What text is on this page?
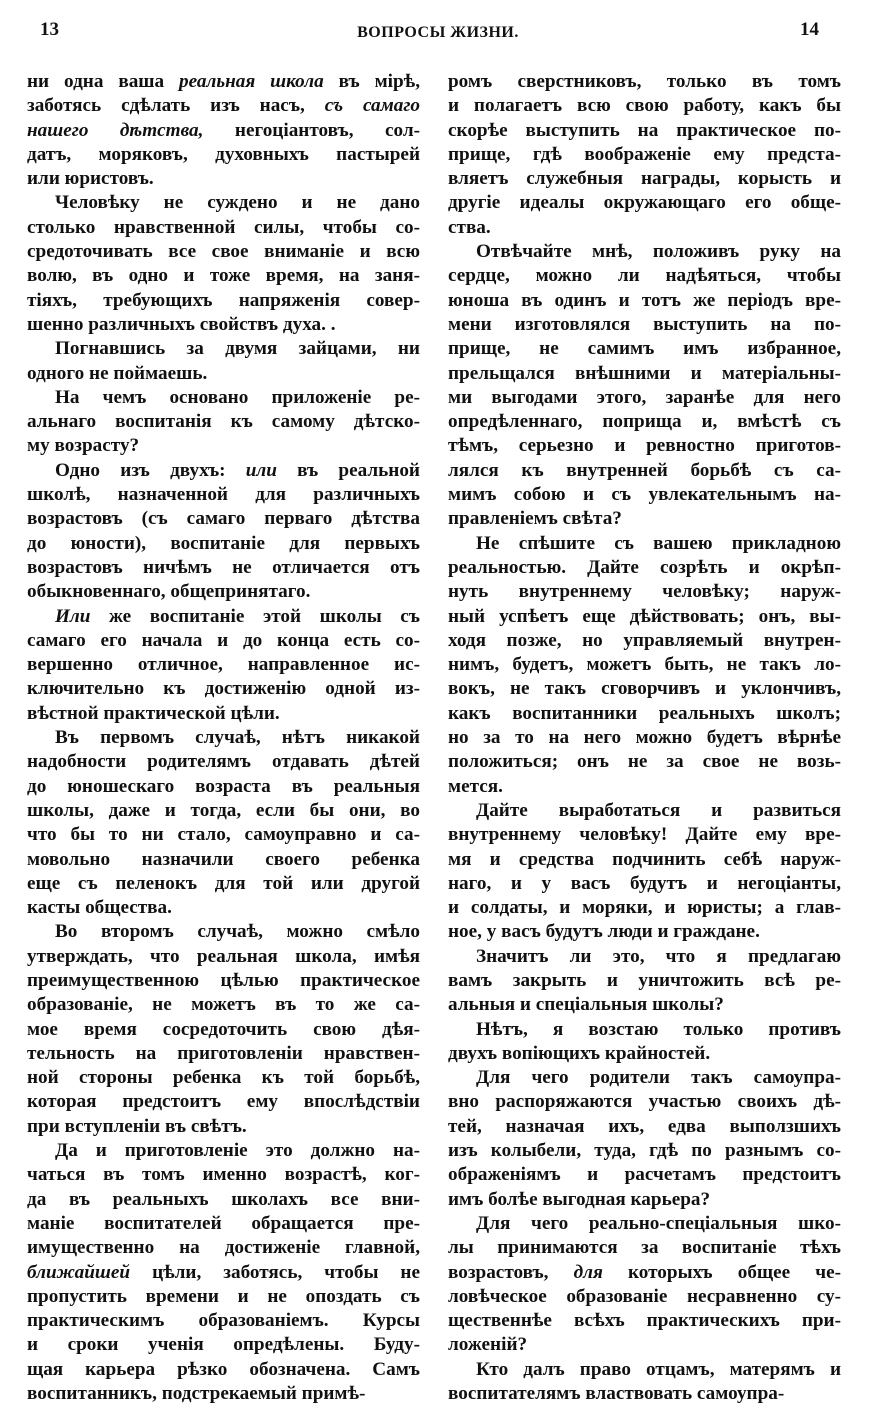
13	ВОПРОСЫ ЖИЗНИ.	14
ни одна ваша реальная школа въ мірѣ,
заботясь сдѣлать изъ насъ, съ самаго
нашего дѣтства, негоціантовъ, сол-
датъ, моряковъ, духовныхъ пастырей
или юристовъ.
Человѣку не суждено и не дано
столько нравственной силы, чтобы со-
средоточивать все свое вниманіе и всю
волю, въ одно и тоже время, на заня-
тіяхъ, требующихъ напряженія совер-
шенно различныхъ свойствъ духа. .
Погнавшись за двумя зайцами, ни
одного не поймаешь.
На чемъ основано приложеніе ре-
альнаго воспитанія къ самому дѣтско-
му возрасту?
Одно изъ двухъ: или въ реальной
школѣ, назначенной для различныхъ
возрастовъ (съ самаго перваго дѣтства
до юности), воспитаніе для первыхъ
возрастовъ ничѣмъ не отличается отъ
обыкновеннаго, общепринятаго.
Или же воспитаніе этой школы съ
самаго его начала и до конца есть со-
вершенно отличное, направленное ис-
ключительно къ достиженію одной из-
вѣстной практической цѣли.
Въ первомъ случаѣ, нѣтъ никакой
надобности родителямъ отдавать дѣтей
до юношескаго возраста въ реальныя
школы, даже и тогда, если бы они, во
что бы то ни стало, самоуправно и са-
мовольно назначили своего ребенка
еще съ пеленокъ для той или другой
касты общества.
Во второмъ случаѣ, можно смѣло
утверждать, что реальная школа, имѣя
преимущественною цѣлью практическое
образованіе, не можетъ въ то же са-
мое время сосредоточить свою дѣя-
тельность на приготовленіи нравствен-
ной стороны ребенка къ той борьбѣ,
которая предстоитъ ему впослѣдствіи
при вступленіи въ свѣтъ.
Да и приготовленіе это должно на-
чаться въ томъ именно возрастѣ, ког-
да въ реальныхъ школахъ все вни-
маніе воспитателей обращается пре-
имущественно на достиженіе главной,
ближайшей цѣли, заботясь, чтобы не
пропустить времени и не опоздать съ
практическимъ образованіемъ. Курсы
и сроки ученія опредѣлены. Буду-
щая карьера рѣзко обозначена. Самъ
воспитанникъ, подстрекаемый примѣ-
ромъ сверстниковъ, только въ томъ
и полагаетъ всю свою работу, какъ бы
скорѣе выступить на практическое по-
прище, гдѣ воображеніе ему предста-
вляетъ служебныя награды, корысть и
другіе идеалы окружающаго его обще-
ства.
Отвѣчайте мнѣ, положивъ руку на
сердце, можно ли надѣяться, чтобы
юноша въ одинъ и тотъ же періодъ вре-
мени изготовлялся выступить на по-
прище, не самимъ имъ избранное,
прельщался внѣшними и матеріальны-
ми выгодами этого, заранѣе для него
опредѣленнаго, поприща и, вмѣстѣ съ
тѣмъ, серьезно и ревностно приготов-
лялся къ внутренней борьбѣ съ са-
мимъ собою и съ увлекательнымъ на-
правленіемъ свѣта?
Не спѣшите съ вашею прикладною
реальностью. Дайте созрѣть и окрѣп-
нуть внутреннему человѣку; наруж-
ный успѣетъ еще дѣйствовать; онъ, вы-
ходя позже, но управляемый внутрен-
нимъ, будетъ, можетъ быть, не такъ ло-
вокъ, не такъ сговорчивъ и уклончивъ,
какъ воспитанники реальныхъ школъ;
но за то на него можно будетъ вѣрнѣе
положиться; онъ не за свое не возь-
мется.
Дайте выработаться и развиться
внутреннему человѣку! Дайте ему вре-
мя и средства подчинить себѣ наруж-
наго, и у васъ будутъ и негоціанты,
и солдаты, и моряки, и юристы; а глав-
ное, у васъ будутъ люди и граждане.
Значитъ ли это, что я предлагаю
вамъ закрыть и уничтожить всѣ ре-
альныя и спеціальныя школы?
Нѣтъ, я возстаю только противъ
двухъ вопіющихъ крайностей.
Для чего родители такъ самоупра-
вно распоряжаются участью своихъ дѣ-
тей, назначая ихъ, едва выползшихъ
изъ колыбели, туда, гдѣ по разнымъ со-
ображеніямъ и расчетамъ предстоитъ
имъ болѣе выгодная карьера?
Для чего реально-спеціальныя шко-
лы принимаются за воспитаніе тѣхъ
возрастовъ, для которыхъ общее че-
ловѣческое образованіе несравненно су-
щественнѣе всѣхъ практическихъ при-
ложеній?
Кто далъ право отцамъ, матерямъ и
воспитателямъ властвовать самоупра-
